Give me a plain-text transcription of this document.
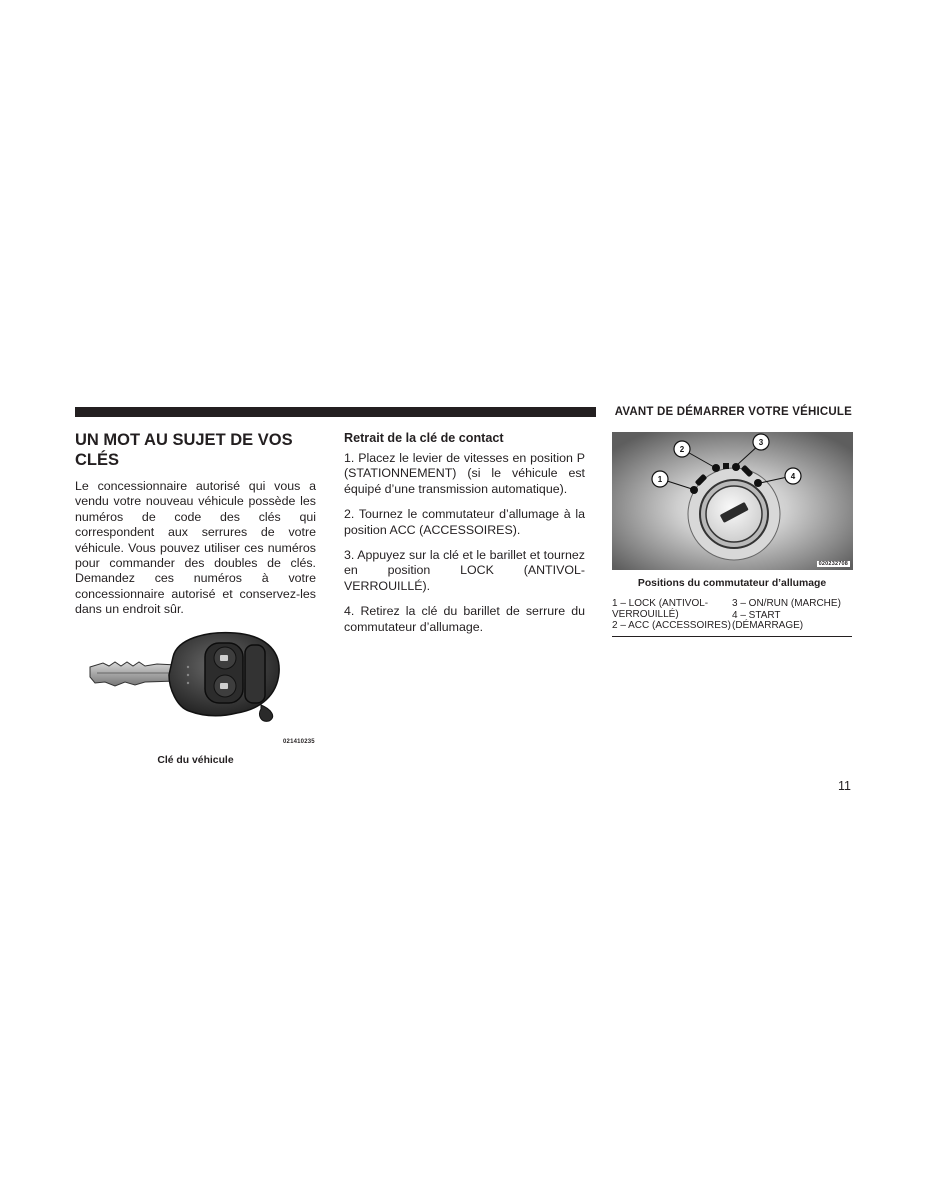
AVANT DE DÉMARRER VOTRE VÉHICULE
UN MOT AU SUJET DE VOS CLÉS

Le concessionnaire autorisé qui vous a vendu votre nouveau véhicule possède les numéros de code des clés qui correspondent aux serrures de votre véhicule. Vous pouvez utiliser ces numéros pour commander des doubles de clés. Demandez ces numéros à votre concessionnaire autorisé et conservez-les dans un endroit sûr.

021410235
Clé du véhicule
Retrait de la clé de contact

1. Placez le levier de vitesses en position P (STATIONNEMENT) (si le véhicule est équipé d’une transmission automatique).

2. Tournez le commutateur d’allumage à la position ACC (ACCESSOIRES).

3. Appuyez sur la clé et le barillet et tournez en position LOCK (ANTIVOL-VERROUILLÉ).

4. Retirez la clé du barillet de serrure du commutateur d’allumage.

1
2
3
4
020232708
Positions du commutateur d’allumage
1 – LOCK (ANTIVOL-VERROUILLÉ)
2 – ACC (ACCESSOIRES)
3 – ON/RUN (MARCHE)
4 – START (DÉMARRAGE)
11
